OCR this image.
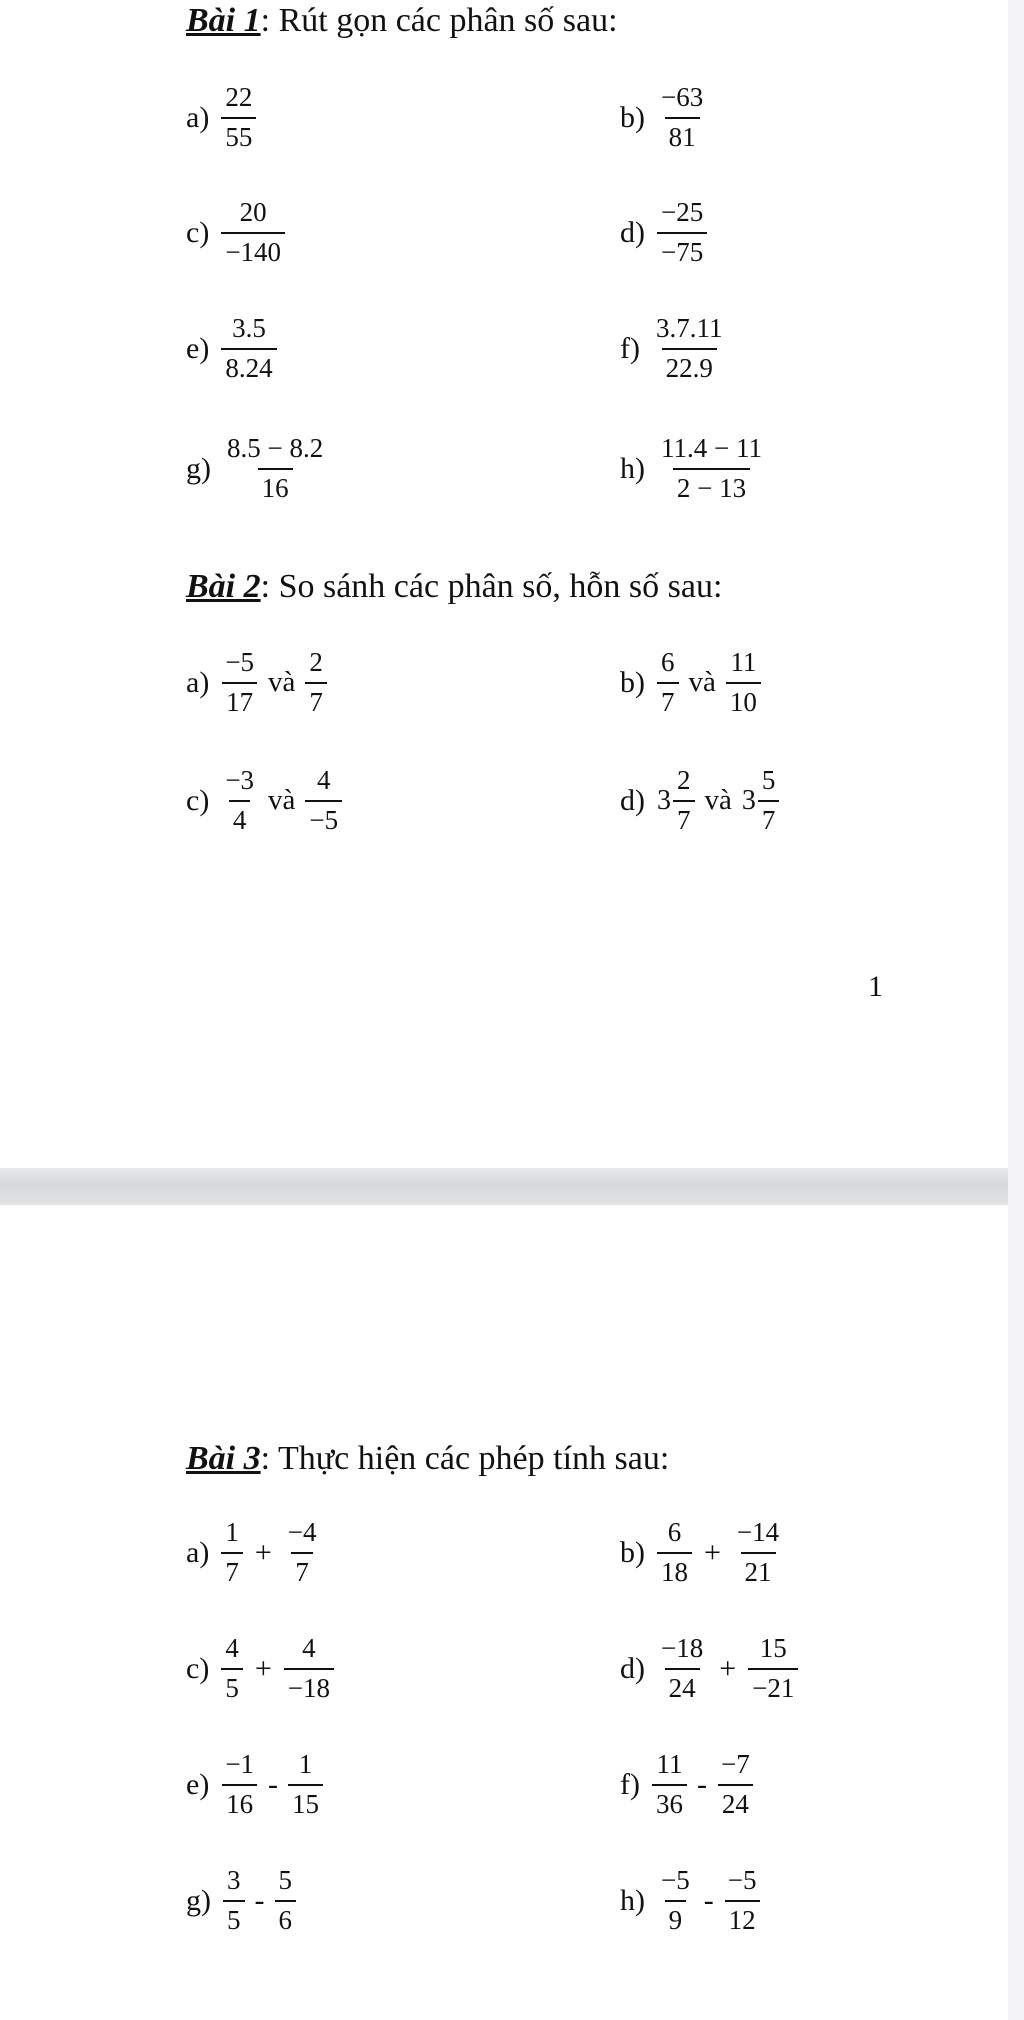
Bài 1: Rút gọn các phân số sau:
$a) \frac{22}{55}$	$b) \frac{-63}{81}$
$c) \frac{20}{-140}$	$d) \frac{-25}{-75}$
$e) \frac{3.5}{8.24}$	$f) \frac{3.7.11}{22.9}$
$g) \frac{8.5 - 8.2}{16}$	$h) \frac{11.4 - 11}{2 - 13}$
Bài 2: So sánh các phân số, hỗn số sau:
$a) \frac{-5}{17}$ và $\frac{2}{7}$	$b) \frac{6}{7}$ và $\frac{11}{10}$
$c) \frac{-3}{4}$ và $\frac{4}{-5}$	d) $3 \frac{2}{7}$ và $3 \frac{5}{7}$
1
Bài 3: Thực hiện các phép tính sau:
$a) \frac{1}{7} + \frac{-4}{7}$	$b) \frac{6}{18} + \frac{-14}{21}$
$c) \frac{4}{5} + \frac{4}{-18}$	$d) \frac{-18}{24} + \frac{15}{-21}$
$e) \frac{-1}{16} - \frac{1}{15}$	$f) \frac{11}{36} - \frac{-7}{24}$
$g) \frac{3}{5} - \frac{5}{6}$	$h) \frac{-5}{9} - \frac{-5}{12}$
